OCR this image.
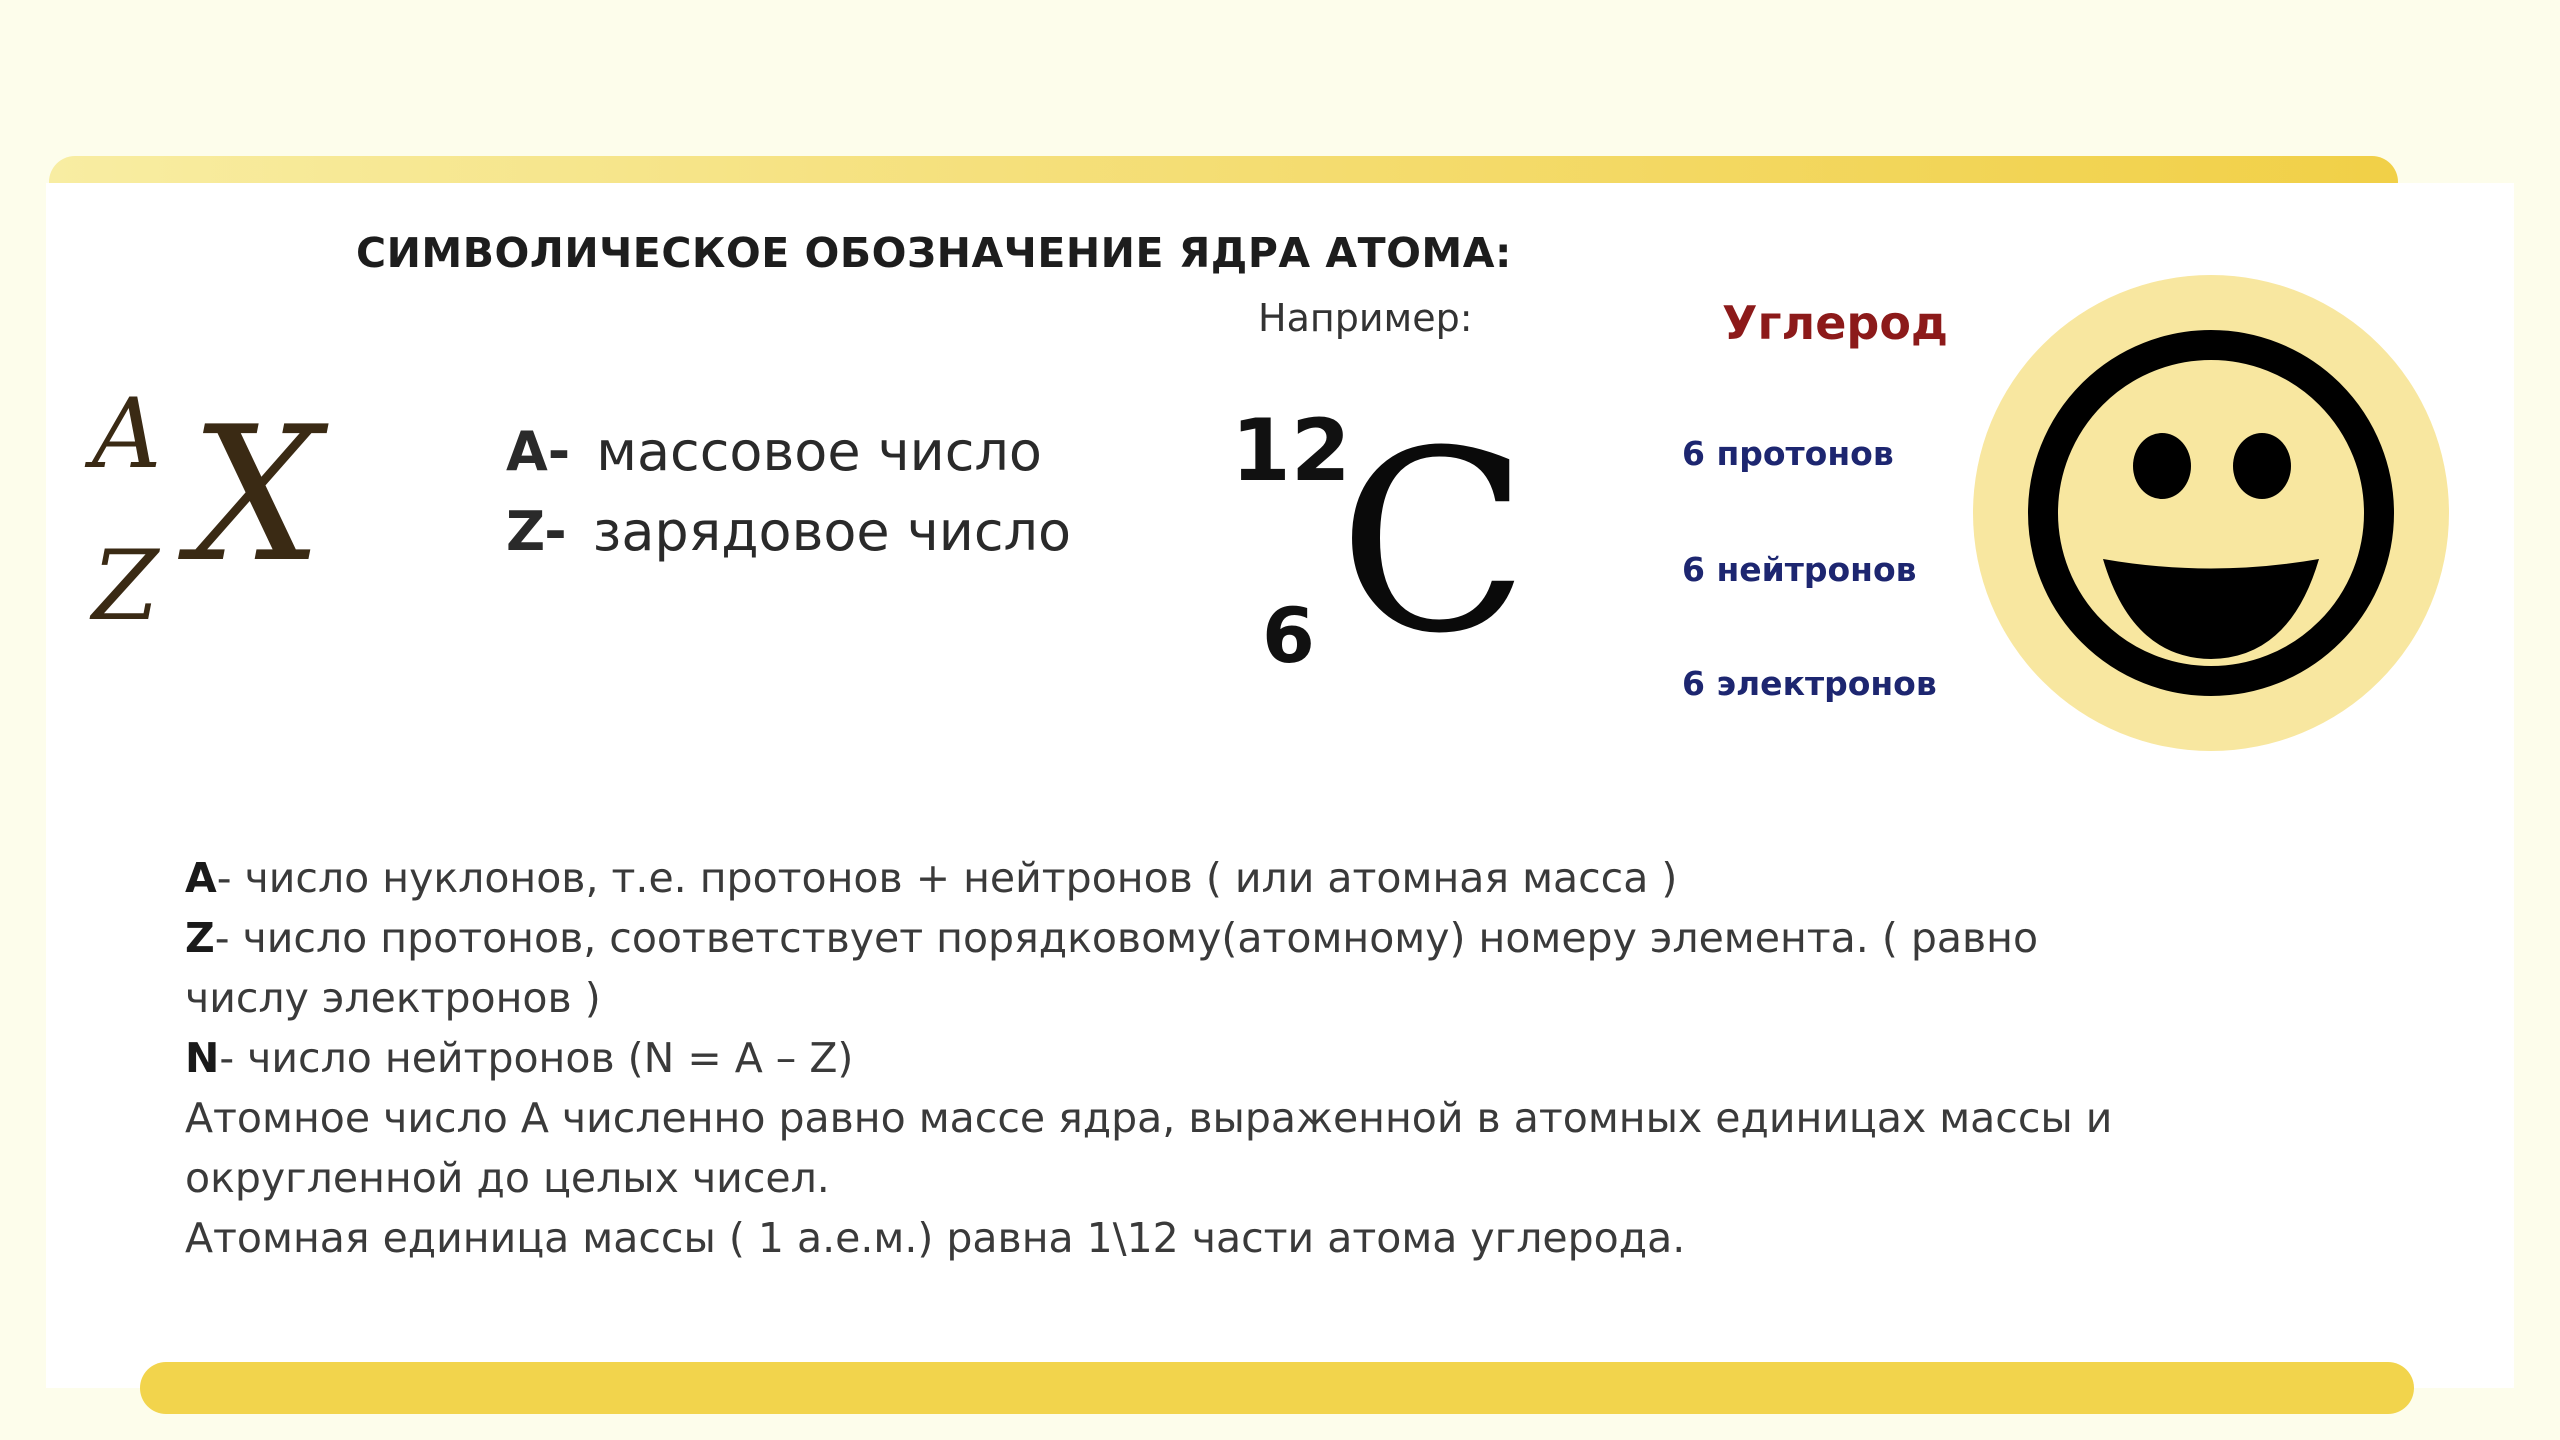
СИМВОЛИЧЕСКОЕ ОБОЗНАЧЕНИЕ ЯДРА АТОМА:
A
Z X	A- массовое число
Z- зарядовое число
Например:
12
6 C
Углерод
6 протонов
6 нейтронов
6 электронов
A- число нуклонов, т.е. протонов + нейтронов ( или атомная масса )
Z- число протонов, соответствует порядковому(атомному) номеру элемента. ( равно
числу электронов )
N- число нейтронов (N = A – Z)
Атомное число А численно равно массе ядра, выраженной в атомных единицах массы и
округленной до целых чисел.
Атомная единица массы ( 1 а.е.м.) равна 1\12 части атома углерода.
